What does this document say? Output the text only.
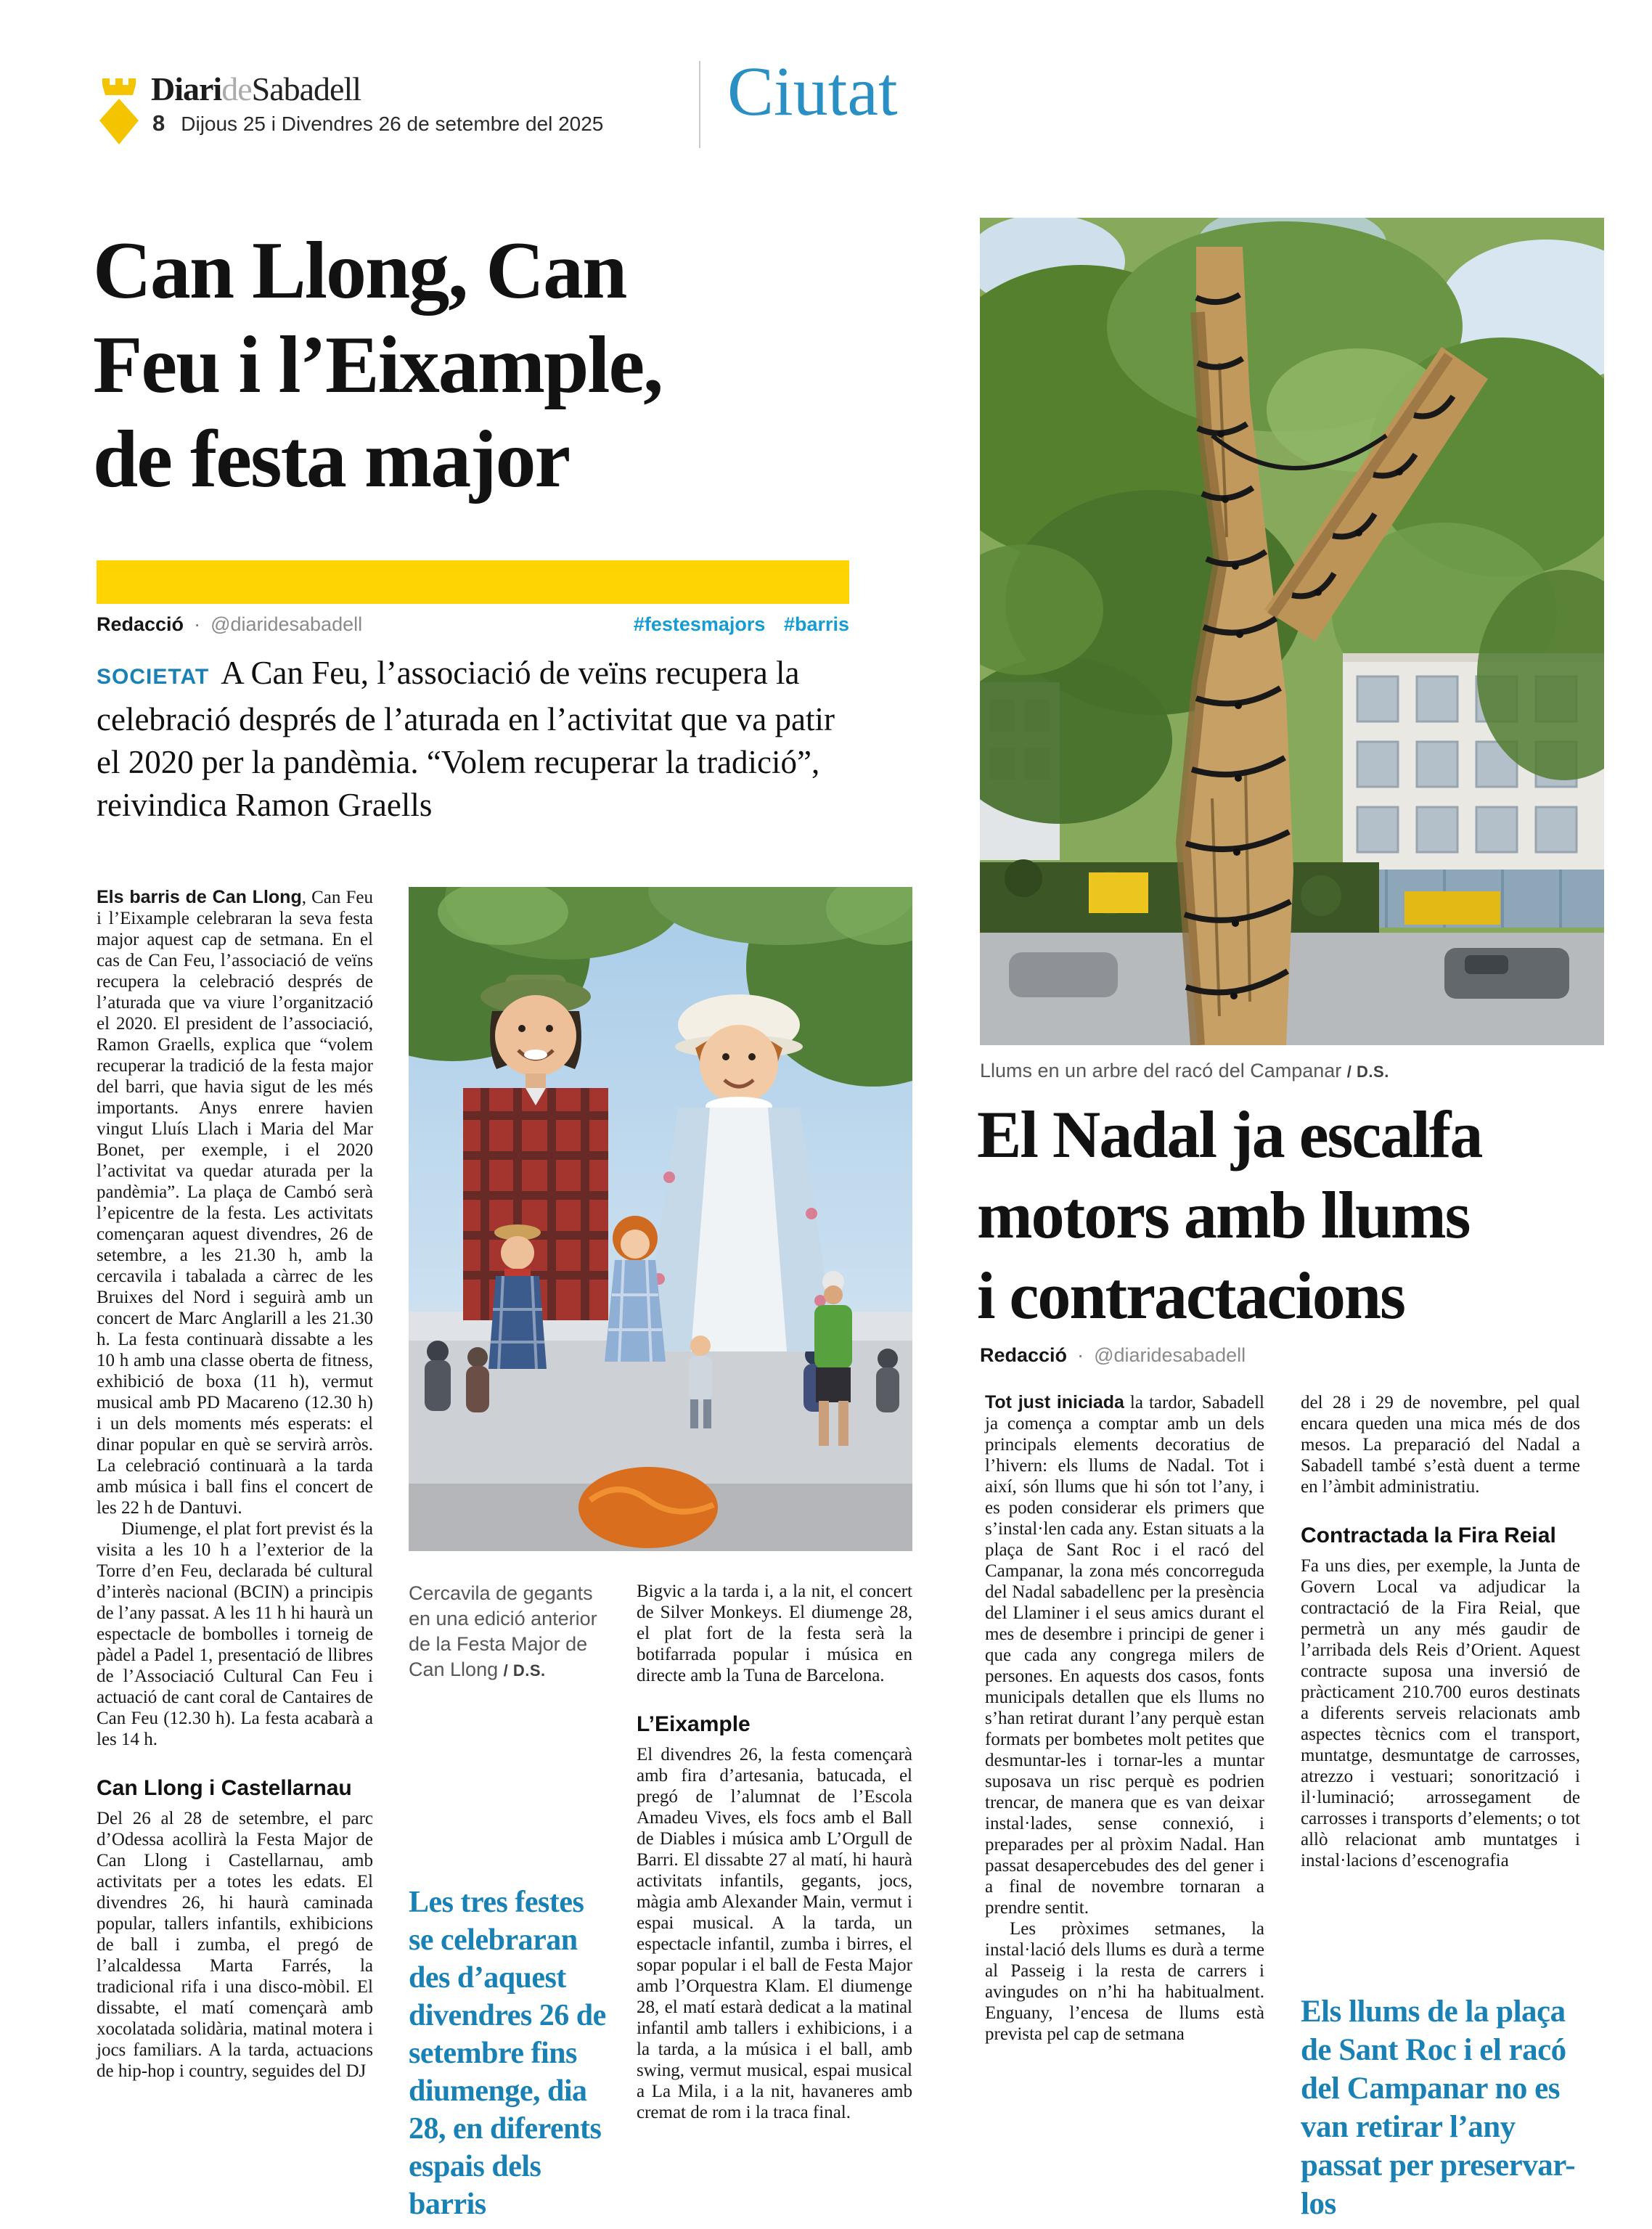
DiarideSabadell
8 Dijous 25 i Divendres 26 de setembre del 2025 Ciutat
Can Llong, Can
Feu i l’Eixample,
de festa major
Redacció · @diaridesabadell	#festesmajors #barris
SOCIETAT A Can Feu, l’associació de veïns recupera la celebració després de l’aturada en l’activitat que va patir el 2020 per la pandèmia. “Volem recuperar la tradició”, reivindica Ramon Graells

Els barris de Can Llong, Can Feu i l’Eixample celebraran la seva festa major aquest cap de setmana. En el cas de Can Feu, l’associació de veïns recupera la celebració després de l’aturada que va viure l’organització el 2020. El president de l’associació, Ramon Graells, explica que “volem recuperar la tradició de la festa major del barri, que havia sigut de les més importants. Anys enrere havien vingut Lluís Llach i Maria del Mar Bonet, per exemple, i el 2020 l’activitat va quedar aturada per la pandèmia”. La plaça de Cambó serà l’epicentre de la festa. Les activitats començaran aquest divendres, 26 de setembre, a les 21.30 h, amb la cercavila i tabalada a càrrec de les Bruixes del Nord i seguirà amb un concert de Marc Anglarill a les 21.30 h. La festa continuarà dissabte a les 10 h amb una classe oberta de fitness, exhibició de boxa (11 h), vermut musical amb PD Macareno (12.30 h) i un dels moments més esperats: el dinar popular en què se servirà arròs. La celebració continuarà a la tarda amb música i ball fins el concert de les 22 h de Dantuvi.

Diumenge, el plat fort previst és la visita a les 10 h a l’exterior de la Torre d’en Feu, declarada bé cultural d’interès nacional (BCIN) a principis de l’any passat. A les 11 h hi haurà un espectacle de bombolles i torneig de pàdel a Padel 1, presentació de llibres de l’Associació Cultural Can Feu i actuació de cant coral de Cantaires de Can Feu (12.30 h). La festa acabarà a les 14 h.

Can Llong i Castellarnau

Del 26 al 28 de setembre, el parc d’Odessa acollirà la Festa Major de Can Llong i Castellarnau, amb activitats per a totes les edats. El divendres 26, hi haurà caminada popular, tallers infantils, exhibicions de ball i zumba, el pregó de l’alcaldessa Marta Farrés, la tradicional rifa i una disco-mòbil. El dissabte, el matí començarà amb xocolatada solidària, matinal motera i jocs familiars. A la tarda, actuacions de hip-hop i country, seguides del DJ

Cercavila de gegants en una edició anterior de la Festa Major de Can Llong / D.S.
Les tres festes se celebraran des d’aquest divendres 26 de setembre fins diumenge, dia 28, en diferents espais dels barris

Bigvic a la tarda i, a la nit, el concert de Silver Monkeys. El diumenge 28, el plat fort de la festa serà la botifarrada popular i música en directe amb la Tuna de Barcelona.

L’Eixample

El divendres 26, la festa començarà amb fira d’artesania, batucada, el pregó de l’alumnat de l’Escola Amadeu Vives, els focs amb el Ball de Diables i música amb L’Orgull de Barri. El dissabte 27 al matí, hi haurà activitats infantils, gegants, jocs, màgia amb Alexander Main, vermut i espai musical. A la tarda, un espectacle infantil, zumba i birres, el sopar popular i el ball de Festa Major amb l’Orquestra Klam. El diumenge 28, el matí estarà dedicat a la matinal infantil amb tallers i exhibicions, i a la tarda, a la música i el ball, amb swing, vermut musical, espai musical a La Mila, i a la nit, havaneres amb cremat de rom i la traca final.

Llums en un arbre del racó del Campanar / D.S.
El Nadal ja escalfa
motors amb llums
i contractacions
Redacció · @diaridesabadell

Tot just iniciada la tardor, Sabadell ja comença a comptar amb un dels principals elements decoratius de l’hivern: els llums de Nadal. Tot i així, són llums que hi són tot l’any, i es poden considerar els primers que s’instal·len cada any. Estan situats a la plaça de Sant Roc i el racó del Campanar, la zona més concorreguda del Nadal sabadellenc per la presència del Llaminer i el seus amics durant el mes de desembre i principi de gener i que cada any congrega milers de persones. En aquests dos casos, fonts municipals detallen que els llums no s’han retirat durant l’any perquè estan formats per bombetes molt petites que desmuntar-les i tornar-les a muntar suposava un risc perquè es podrien trencar, de manera que es van deixar instal·lades, sense connexió, i preparades per al pròxim Nadal. Han passat desapercebudes des del gener i a final de novembre tornaran a prendre sentit.

Les pròximes setmanes, la instal·lació dels llums es durà a terme al Passeig i la resta de carrers i avingudes on n’hi ha habitualment. Enguany, l’encesa de llums està prevista pel cap de setmana

del 28 i 29 de novembre, pel qual encara queden una mica més de dos mesos. La preparació del Nadal a Sabadell també s’està duent a terme en l’àmbit administratiu.

Contractada la Fira Reial

Fa uns dies, per exemple, la Junta de Govern Local va adjudicar la contractació de la Fira Reial, que permetrà un any més gaudir de l’arribada dels Reis d’Orient. Aquest contracte suposa una inversió de pràcticament 210.700 euros destinats a diferents serveis relacionats amb aspectes tècnics com el transport, muntatge, desmuntatge de carrosses, atrezzo i vestuari; sonorització i il·luminació; arrossegament de carrosses i transports d’elements; o tot allò relacionat amb muntatges i instal·lacions d’escenografia

Els llums de la plaça de Sant Roc i el racó del Campanar no es van retirar l’any passat per preservar-los
